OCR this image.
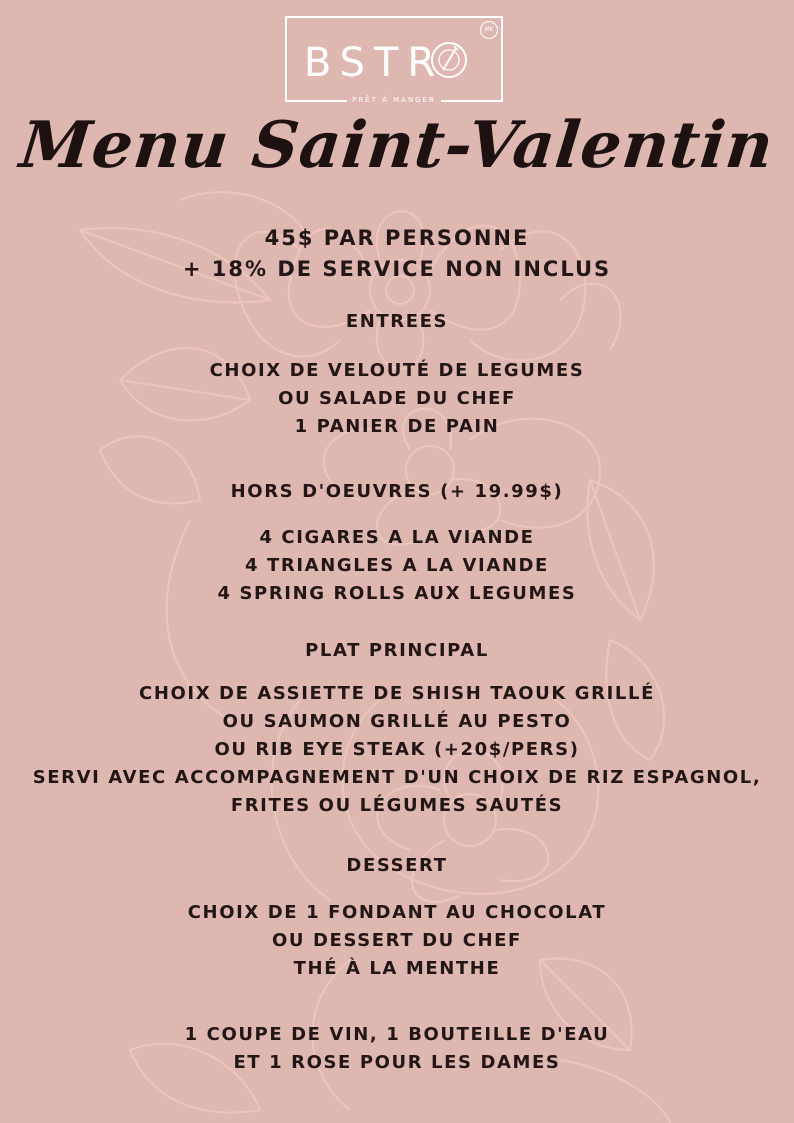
BSTR
MK
PRÊT À MANGER
Menu Saint-Valentin
45$ PAR PERSONNE
+ 18% DE SERVICE NON INCLUS
ENTREES
CHOIX DE VELOUTÉ DE LEGUMES
OU SALADE DU CHEF
1 PANIER DE PAIN
HORS D'OEUVRES (+ 19.99$)
4 CIGARES A LA VIANDE
4 TRIANGLES A LA VIANDE
4 SPRING ROLLS AUX LEGUMES
PLAT PRINCIPAL
CHOIX DE ASSIETTE DE SHISH TAOUK GRILLÉ
OU SAUMON GRILLÉ AU PESTO
OU RIB EYE STEAK (+20$/PERS)
SERVI AVEC ACCOMPAGNEMENT D'UN CHOIX DE RIZ ESPAGNOL,
FRITES OU LÉGUMES SAUTÉS
DESSERT
CHOIX DE 1 FONDANT AU CHOCOLAT
OU DESSERT DU CHEF
THÉ À LA MENTHE
1 COUPE DE VIN, 1 BOUTEILLE D'EAU
ET 1 ROSE POUR LES DAMES
